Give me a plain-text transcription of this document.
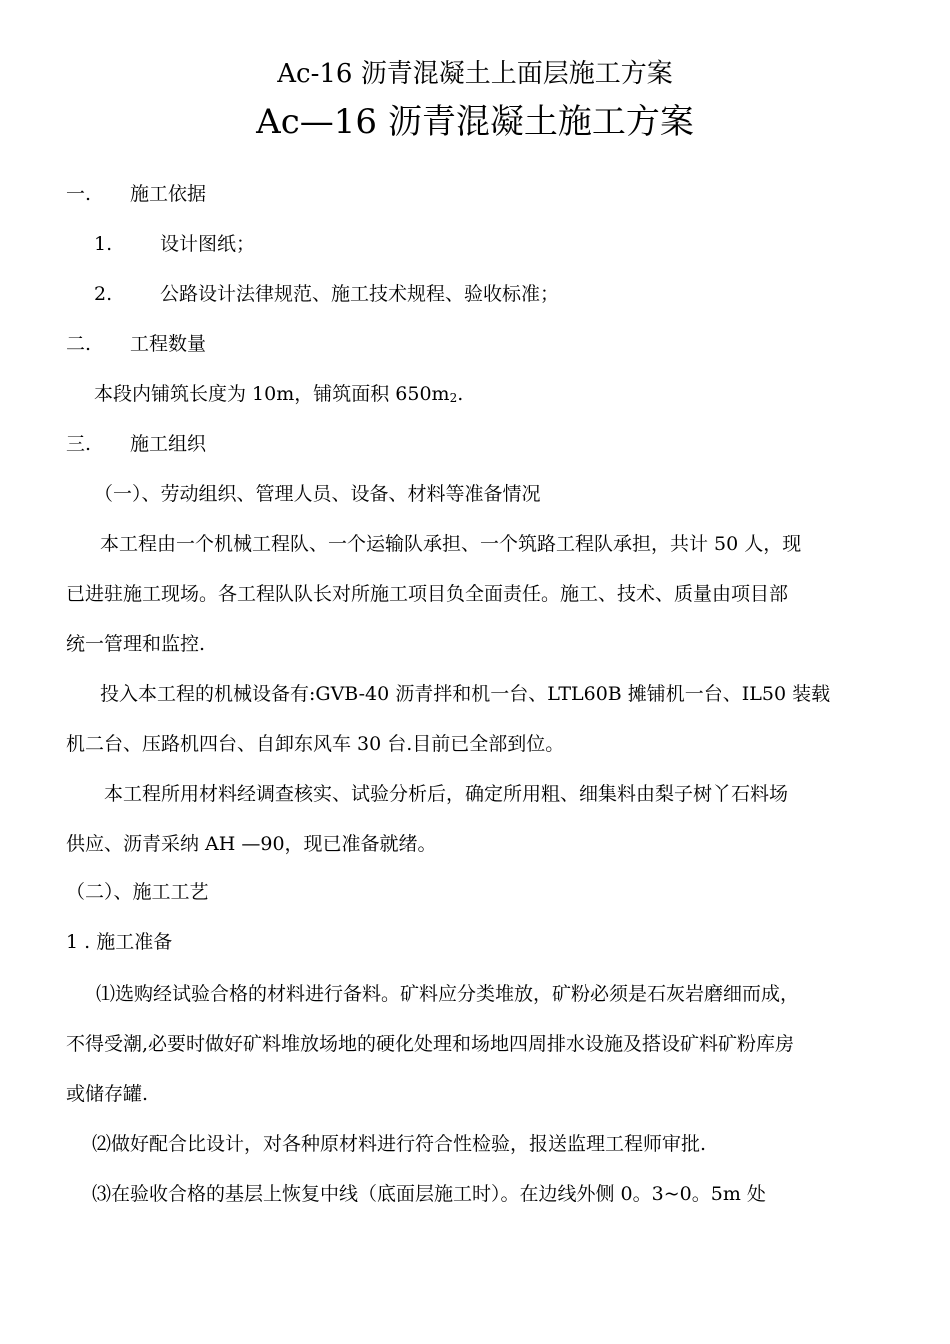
Ac-16 沥青混凝土上面层施工方案
Ac—16 沥青混凝土施工方案
一. 施工依据
1.	设计图纸；
2.	公路设计法律规范、施工技术规程、验收标准；
二. 工程数量
本段内铺筑长度为 10m，铺筑面积 650m2.
三. 施工组织
（一）、劳动组织、管理人员、设备、材料等准备情况
本工程由一个机械工程队、一个运输队承担、一个筑路工程队承担，共计 50 人，现
已进驻施工现场。各工程队队长对所施工项目负全面责任。施工、技术、质量由项目部
统一管理和监控.
投入本工程的机械设备有:GVB-40 沥青拌和机一台、LTL60B 摊铺机一台、IL50 装载
机二台、压路机四台、自卸东风车 30 台.目前已全部到位。
本工程所用材料经调查核实、试验分析后，确定所用粗、细集料由梨子树丫石料场
供应、沥青采纳 AH —90，现已准备就绪。
（二）、施工工艺
1 . 施工准备
⑴选购经试验合格的材料进行备料。矿料应分类堆放，矿粉必须是石灰岩磨细而成，
不得受潮,必要时做好矿料堆放场地的硬化处理和场地四周排水设施及搭设矿料矿粉库房
或储存罐.
⑵做好配合比设计，对各种原材料进行符合性检验，报送监理工程师审批.
⑶在验收合格的基层上恢复中线（底面层施工时）。在边线外侧 0。3~0。5m 处
